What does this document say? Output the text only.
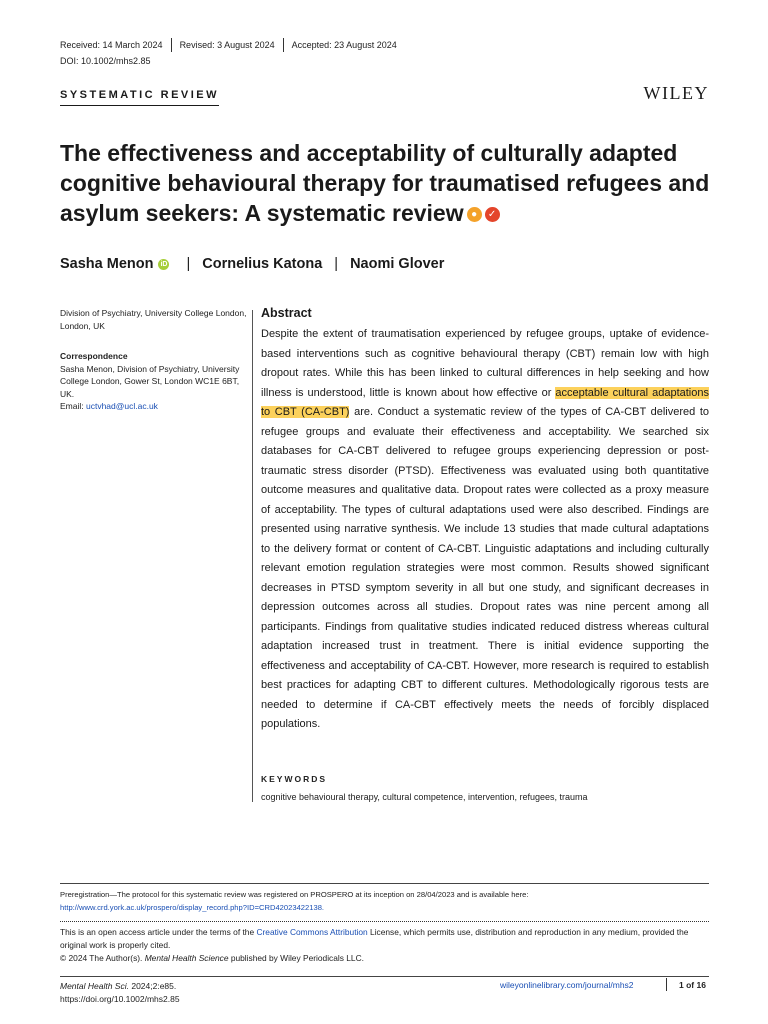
Received: 14 March 2024 Revised: 3 August 2024 Accepted: 23 August 2024
DOI: 10.1002/mhs2.85
SYSTEMATIC REVIEW	WILEY
The effectiveness and acceptability of culturally adapted cognitive behavioural therapy for traumatised refugees and asylum seekers: A systematic review ●	✓
Sasha Menon iD | Cornelius Katona | Naomi Glover
Division of Psychiatry, University College London, London, UK
Correspondence
Sasha Menon, Division of Psychiatry, University College London, Gower St, London WC1E 6BT, UK.
Email: uctvhad@ucl.ac.uk
Abstract
Despite the extent of traumatisation experienced by refugee groups, uptake of evidence-based interventions such as cognitive behavioural therapy (CBT) remain low with high dropout rates. While this has been linked to cultural differences in help seeking and how illness is understood, little is known about how effective or acceptable cultural adaptations to CBT (CA-CBT) are. Conduct a systematic review of the types of CA-CBT delivered to refugee groups and evaluate their effectiveness and acceptability. We searched six databases for CA-CBT delivered to refugee groups experiencing depression or post-traumatic stress disorder (PTSD). Effectiveness was evaluated using both quantitative outcome measures and qualitative data. Dropout rates were collected as a proxy measure of acceptability. The types of cultural adaptations used were also described. Findings are presented using narrative synthesis. We include 13 studies that made cultural adaptations to the delivery format or content of CA-CBT. Linguistic adaptations and including culturally relevant emotion regulation strategies were most common. Results showed significant decreases in PTSD symptom severity in all but one study, and significant decreases in depression outcomes across all studies. Dropout rates was nine percent among all participants. Findings from qualitative studies indicated reduced distress whereas cultural adaptation increased trust in treatment. There is initial evidence supporting the effectiveness and acceptability of CA-CBT. However, more research is required to establish best practices for adapting CBT to different cultures. Methodologically rigorous tests are needed to determine if CA-CBT effectively meets the needs of forcibly displaced populations.
KEYWORDS
cognitive behavioural therapy, cultural competence, intervention, refugees, trauma
Preregistration—The protocol for this systematic review was registered on PROSPERO at its inception on 28/04/2023 and is available here: http://www.crd.york.ac.uk/prospero/display_record.php?ID=CRD42023422138.
This is an open access article under the terms of the Creative Commons Attribution License, which permits use, distribution and reproduction in any medium, provided the original work is properly cited.
© 2024 The Author(s). Mental Health Science published by Wiley Periodicals LLC.
Mental Health Sci. 2024;2:e85.
https://doi.org/10.1002/mhs2.85
wileyonlinelibrary.com/journal/mhs2	1 of 16
